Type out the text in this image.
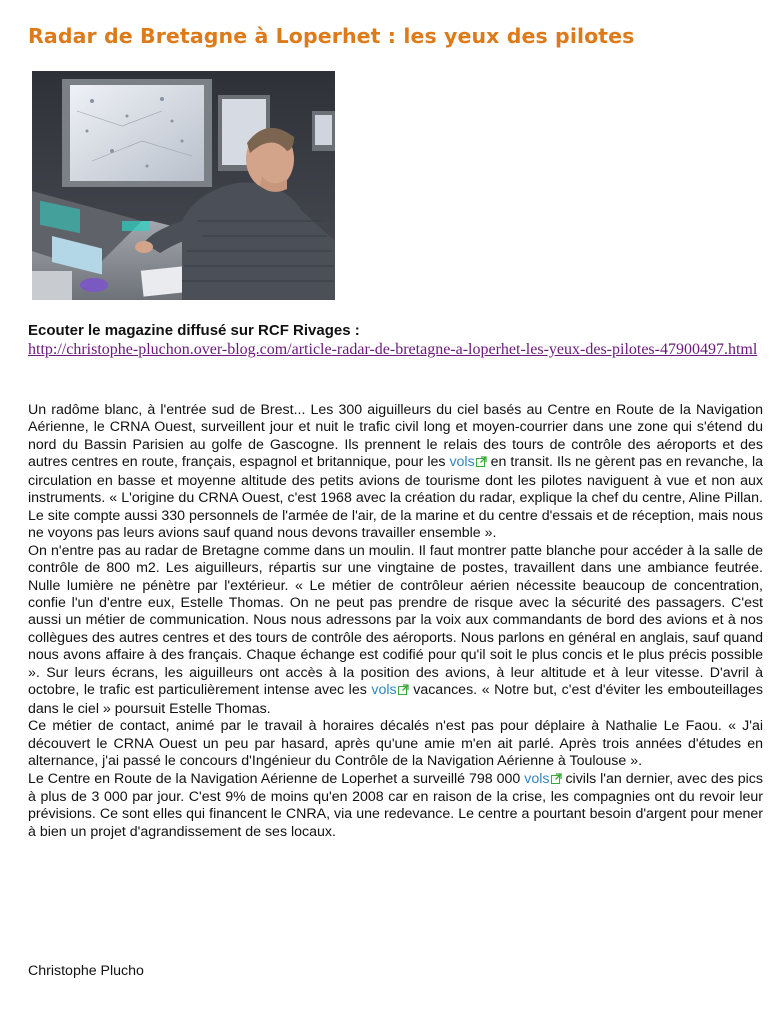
Radar de Bretagne à Loperhet : les yeux des pilotes
Ecouter le magazine diffusé sur RCF Rivages :
http://christophe-pluchon.over-blog.com/article-radar-de-bretagne-a-loperhet-les-yeux-des-pilotes-47900497.html

Un radôme blanc, à l'entrée sud de Brest... Les 300 aiguilleurs du ciel basés au Centre en Route de la Navigation Aérienne, le CRNA Ouest, surveillent jour et nuit le trafic civil long et moyen-courrier dans une zone qui s'étend du nord du Bassin Parisien au golfe de Gascogne. Ils prennent le relais des tours de contrôle des aéroports et des autres centres en route, français, espagnol et britannique, pour les vols en transit. Ils ne gèrent pas en revanche, la circulation en basse et moyenne altitude des petits avions de tourisme dont les pilotes naviguent à vue et non aux instruments. « L'origine du CRNA Ouest, c'est 1968 avec la création du radar, explique la chef du centre, Aline Pillan. Le site compte aussi 330 personnels de l'armée de l'air, de la marine et du centre d'essais et de réception, mais nous ne voyons pas leurs avions sauf quand nous devons travailler ensemble ».

On n'entre pas au radar de Bretagne comme dans un moulin. Il faut montrer patte blanche pour accéder à la salle de contrôle de 800 m2. Les aiguilleurs, répartis sur une vingtaine de postes, travaillent dans une ambiance feutrée. Nulle lumière ne pénètre par l'extérieur. « Le métier de contrôleur aérien nécessite beaucoup de concentration, confie l'un d'entre eux, Estelle Thomas. On ne peut pas prendre de risque avec la sécurité des passagers. C'est aussi un métier de communication. Nous nous adressons par la voix aux commandants de bord des avions et à nos collègues des autres centres et des tours de contrôle des aéroports. Nous parlons en général en anglais, sauf quand nous avons affaire à des français. Chaque échange est codifié pour qu'il soit le plus concis et le plus précis possible ». Sur leurs écrans, les aiguilleurs ont accès à la position des avions, à leur altitude et à leur vitesse. D'avril à octobre, le trafic est particulièrement intense avec les vols vacances. « Notre but, c'est d'éviter les embouteillages dans le ciel » poursuit Estelle Thomas.

Ce métier de contact, animé par le travail à horaires décalés n'est pas pour déplaire à Nathalie Le Faou. « J'ai découvert le CRNA Ouest un peu par hasard, après qu'une amie m'en ait parlé. Après trois années d'études en alternance, j'ai passé le concours d'Ingénieur du Contrôle de la Navigation Aérienne à Toulouse ».

Le Centre en Route de la Navigation Aérienne de Loperhet a surveillé 798 000 vols civils l'an dernier, avec des pics à plus de 3 000 par jour. C'est 9% de moins qu'en 2008 car en raison de la crise, les compagnies ont du revoir leur prévisions. Ce sont elles qui financent le CNRA, via une redevance. Le centre a pourtant besoin d'argent pour mener à bien un projet d'agrandissement de ses locaux.

Christophe Plucho
